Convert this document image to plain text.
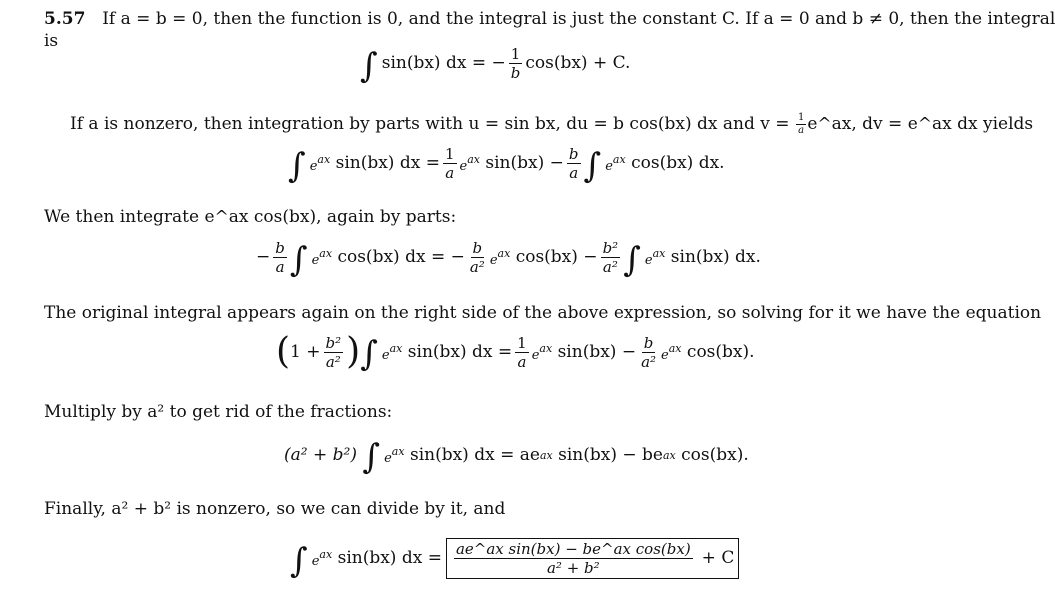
5.57 If a = b = 0, then the function is 0, and the integral is just the constant C. If a = 0 and b ≠ 0, then the integral
is
∫ sin(bx) dx = − $\frac{1}{b} \cos(bx) + C$.
If a is nonzero, then integration by parts with u = sin bx, du = b cos(bx) dx and $v = \frac{1}{a}$ e^ax, dv = e^ax dx yields
∫ $e^{ax}$
sin(bx) dx = $\frac{1}{a} e^{ax}$
$\sin(bx) - \frac{b}{a}$ ∫ $e^{ax}$
cos(bx) dx.
We then integrate e^ax cos(bx), again by parts:
− $\frac{b}{a}$ ∫ $e^{ax}$
cos(bx) dx = − $\frac{b}{\text{a²}} e^{ax}$
$\cos(bx) - \frac{\text{b²}}{\text{a²}}$ ∫ $e^{ax}$
sin(bx) dx.
The original integral appears again on the right side of the above expression, so solving for it we have the equation
( $1 + \frac{\text{b²}}{\text{a²}}$ ) ∫ $e^{ax}$
sin(bx) dx = $\frac{1}{a} e^{ax}$
$\sin(bx) - \frac{b}{\text{a²}} e^{ax}$
cos(bx).
Multiply by a² to get rid of the fractions:
(a² + b²)
∫ $e^{ax}$
sin(bx) dx = ae ax
sin(bx) − be ax
cos(bx).
Finally, a² + b² is nonzero, so we can divide by it, and
∫ $e^{ax}$
sin(bx) dx = $\frac{\text{ae\textasciicircum{}ax sin(bx) − be\textasciicircum{}ax cos(bx)}}{\text{a² + b²}} + C$
